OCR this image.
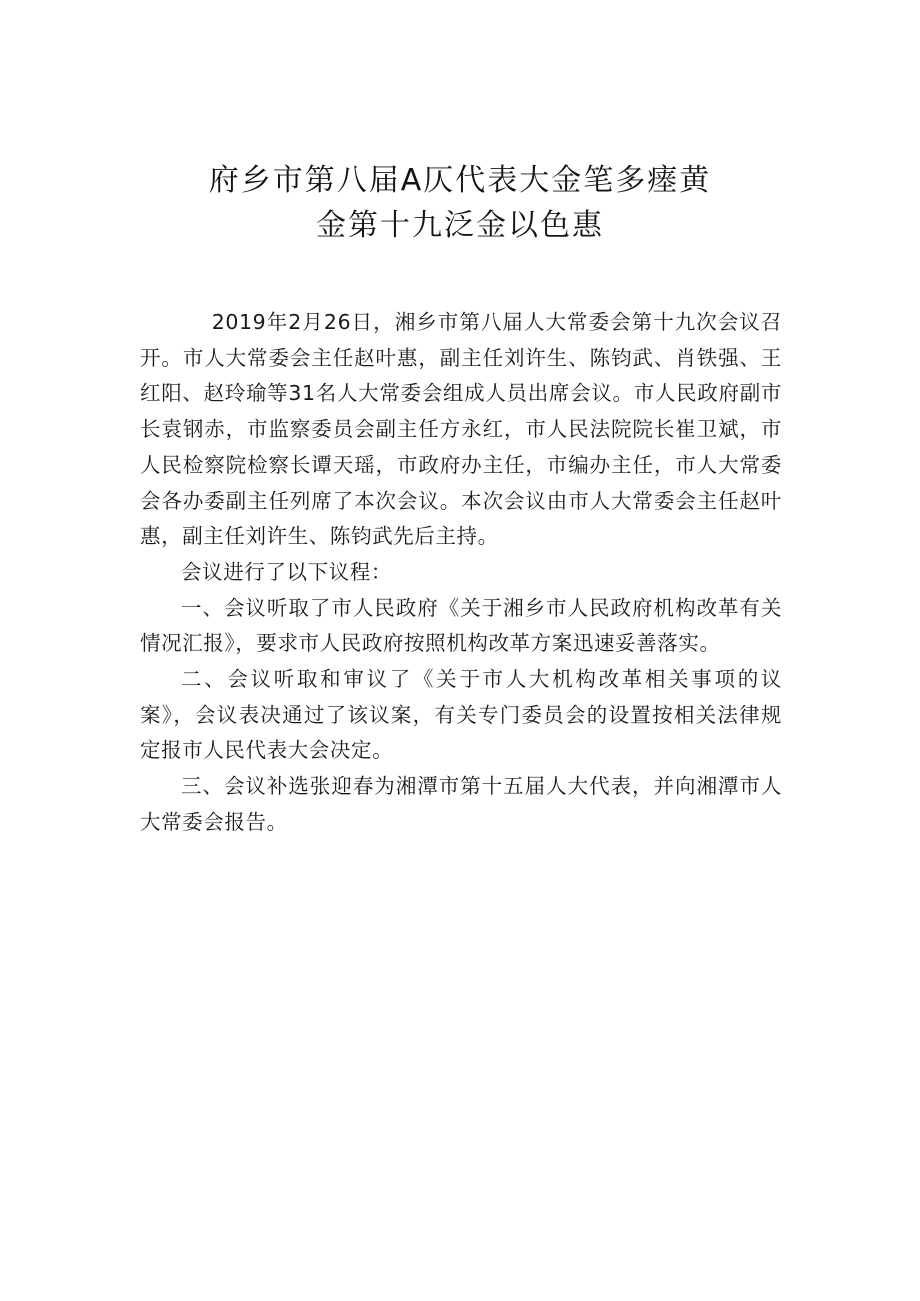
府乡市第八届A仄代表大金笔多瘗黄
金第十九泛金以色惠

2019年2月26日，湘乡市第八届人大常委会第十九次会议召开。市人大常委会主任赵叶惠，副主任刘许生、陈钧武、肖铁强、王红阳、赵玲瑜等31名人大常委会组成人员出席会议。市人民政府副市长袁钢赤，市监察委员会副主任方永红，市人民法院院长崔卫斌，市人民检察院检察长谭天瑶，市政府办主任，市编办主任，市人大常委会各办委副主任列席了本次会议。本次会议由市人大常委会主任赵叶惠，副主任刘许生、陈钧武先后主持。

会议进行了以下议程：

一、会议听取了市人民政府《关于湘乡市人民政府机构改革有关情况汇报》，要求市人民政府按照机构改革方案迅速妥善落实。

二、会议听取和审议了《关于市人大机构改革相关事项的议案》，会议表决通过了该议案，有关专门委员会的设置按相关法律规定报市人民代表大会决定。

三、会议补选张迎春为湘潭市第十五届人大代表，并向湘潭市人大常委会报告。
